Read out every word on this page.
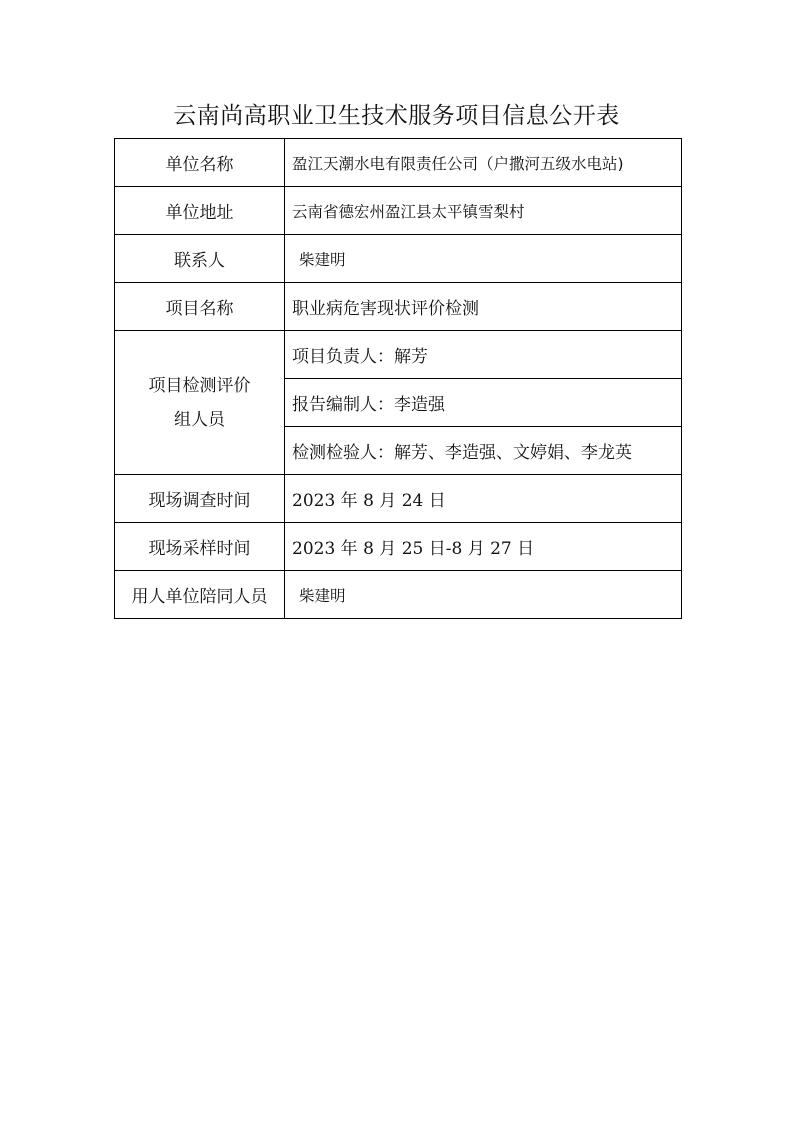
云南尚高职业卫生技术服务项目信息公开表
单位名称	盈江天潮水电有限责任公司（户撒河五级水电站)
单位地址	云南省德宏州盈江县太平镇雪梨村
联系人	柴建明
项目名称	职业病危害现状评价检测

项目检测评价
组人员	项目负责人：解芳
	报告编制人：李造强
	检测检验人：解芳、李造强、文婷娟、李龙英
现场调查时间	2023 年 8 月 24 日
现场采样时间	2023 年 8 月 25 日-8 月 27 日
用人单位陪同人员	柴建明
